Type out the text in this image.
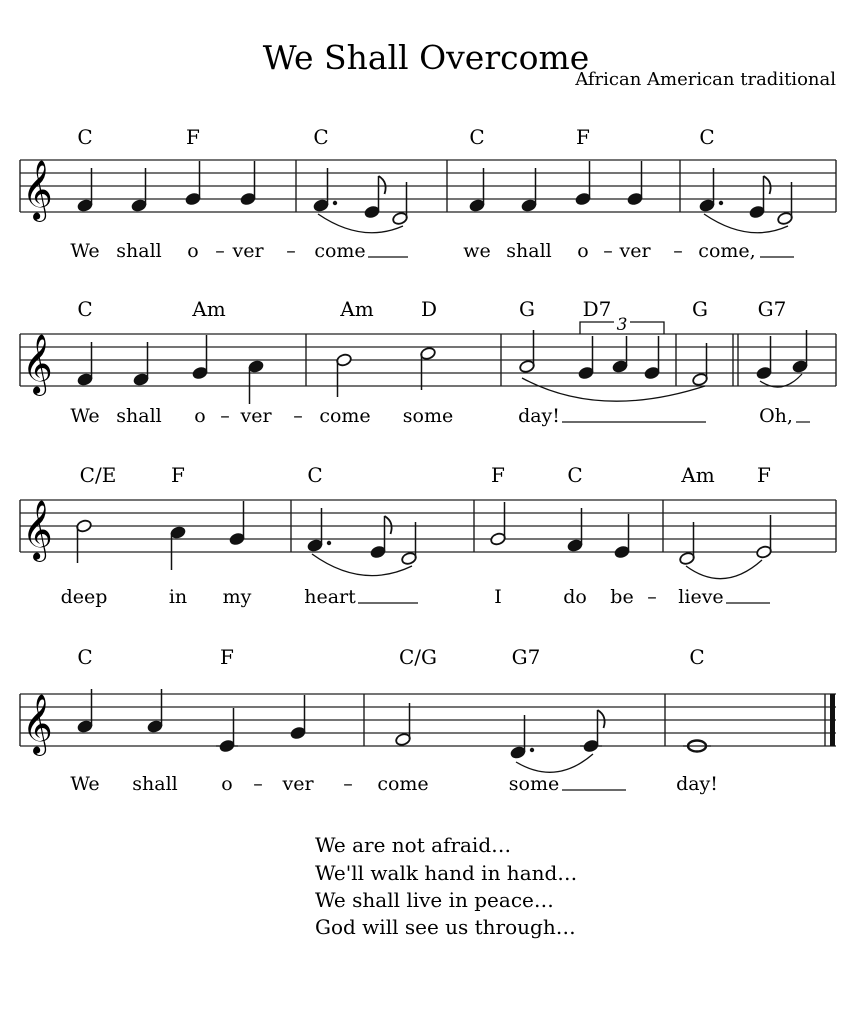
We Shall Overcome
African American traditional
𝄞
C	F	C	C	F	C
We shall o – ver – come	we shall o – ver – come,
𝄞
C	Am	Am D	G D7	G G7
3
We shall o – ver – come some	day!	Oh,
𝄞
C/E	F	C	F	C	Am F
deep	in my	heart	I	do be – lieve
𝄞
C	F	C/G	G7	C
We shall o – ver – come	some	day!
We are not afraid…
We'll walk hand in hand…
We shall live in peace…
God will see us through…
